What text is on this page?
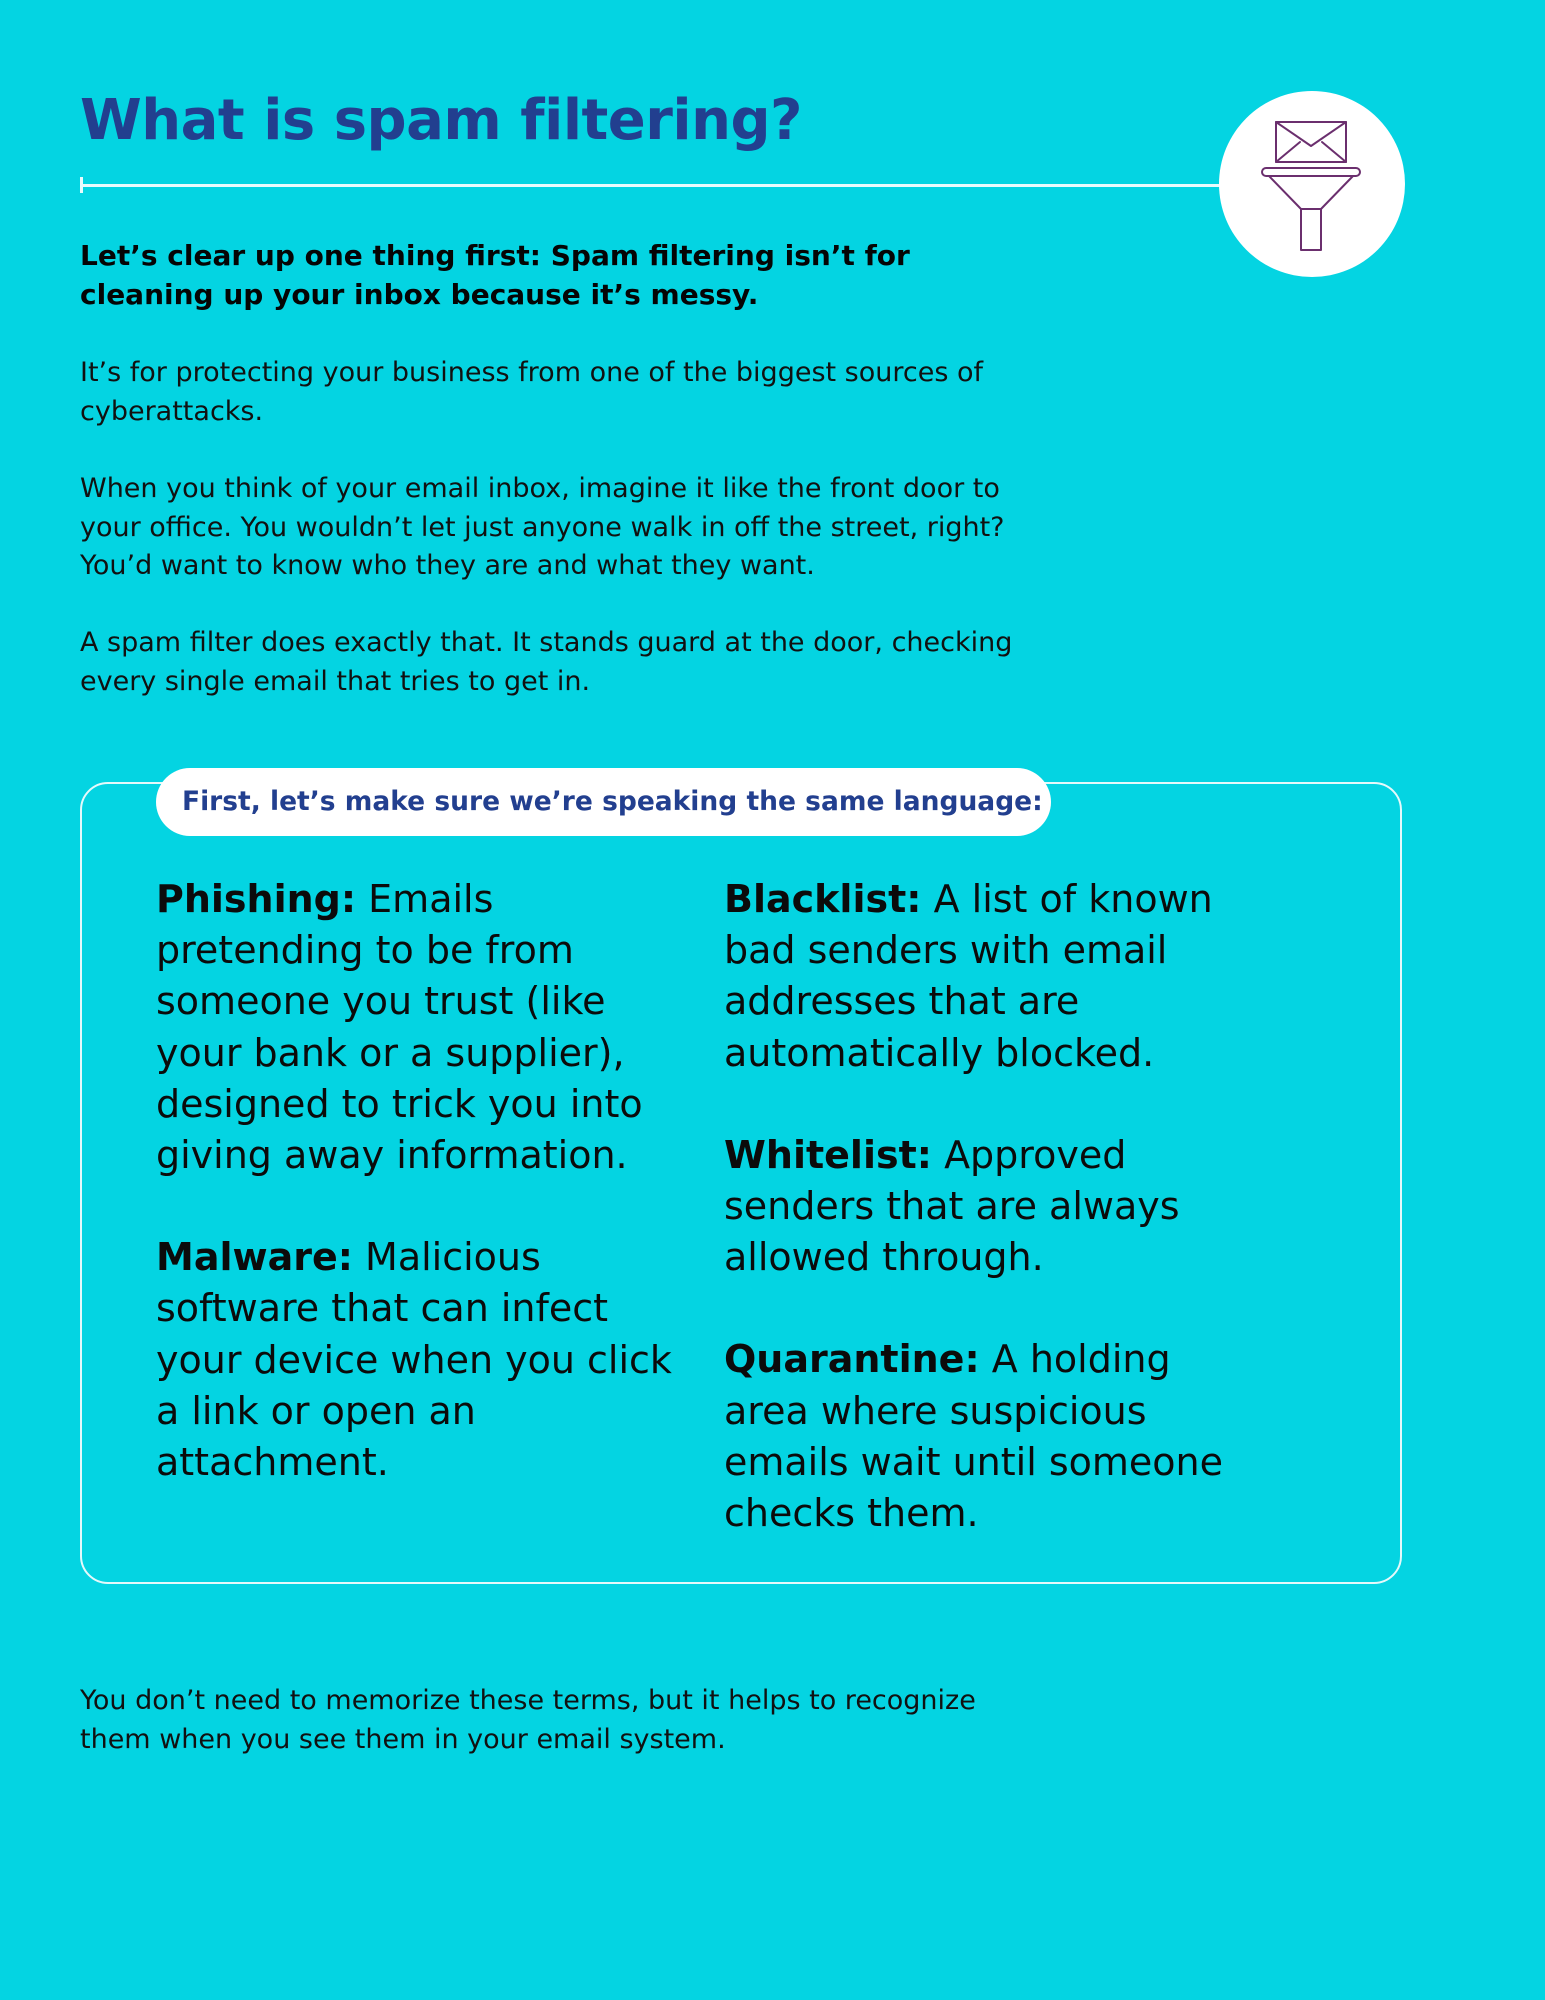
What is spam filtering?

Let’s clear up one thing first: Spam filtering isn’t for cleaning up your inbox because it’s messy.

It’s for protecting your business from one of the biggest sources of cyberattacks.

When you think of your email inbox, imagine it like the front door to your office. You wouldn’t let just anyone walk in off the street, right? You’d want to know who they are and what they want.

A spam filter does exactly that. It stands guard at the door, checking every single email that tries to get in.

First, let’s make sure we’re speaking the same language:

Phishing: Emails pretending to be from someone you trust (like your bank or a supplier), designed to trick you into giving away information.

Malware: Malicious software that can infect your device when you click a link or open an attachment.

Blacklist: A list of known bad senders with email addresses that are automatically blocked.

Whitelist: Approved senders that are always allowed through.

Quarantine: A holding area where suspicious emails wait until someone checks them.

You don’t need to memorize these terms, but it helps to recognize them when you see them in your email system.
